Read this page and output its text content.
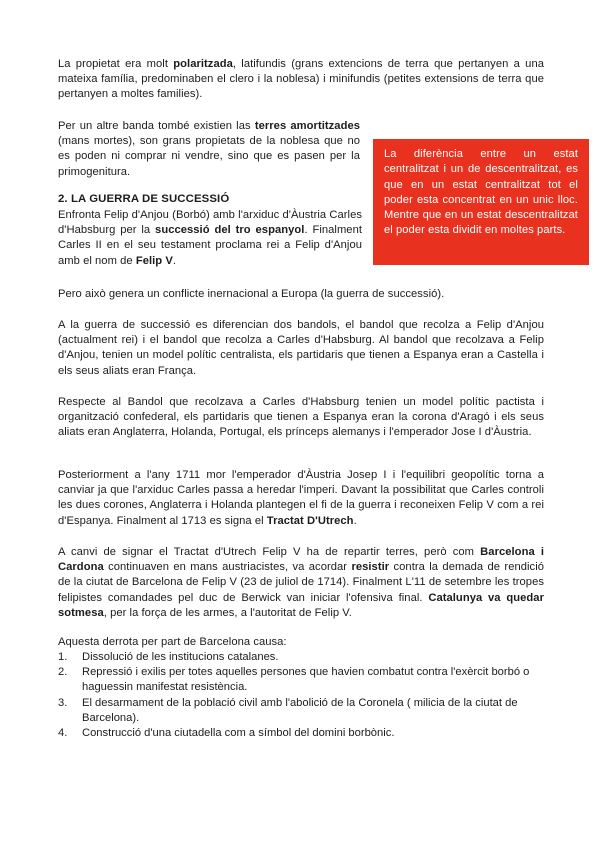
La propietat era molt polaritzada, latifundis (grans extencions de terra que pertanyen a una mateixa família, predominaben el clero i la noblesa) i minifundis (petites extensions de terra que pertanyen a moltes families).

Per un altre banda tombé existien las terres amortitzades (mans mortes), son grans propietats de la noblesa que no es poden ni comprar ni vendre, sino que es pasen per la primogenitura.

La diferència entre un estat centralitzat i un de descentralitzat, es que en un estat centralitzat tot el poder esta concentrat en un unic lloc. Mentre que en un estat descentralitzat el poder esta dividit en moltes parts.
2. LA GUERRA DE SUCCESSIÓ

Enfronta Felip d'Anjou (Borbó) amb l'arxiduc d'Àustria Carles d'Habsburg per la successió del tro espanyol. Finalment Carles II en el seu testament proclama rei a Felip d'Anjou amb el nom de Felip V.

Pero això genera un conflicte inernacional a Europa (la guerra de successió).

A la guerra de successió es diferencian dos bandols, el bandol que recolza a Felip d'Anjou (actualment rei) i el bandol que recolza a Carles d'Habsburg. Al bandol que recolzava a Felip d'Anjou, tenien un model polític centralista, els partidaris que tienen a Espanya eran a Castella i els seus aliats eran França.

Respecte al Bandol que recolzava a Carles d'Habsburg tenien un model polític pactista i organització confederal, els partidaris que tienen a Espanya eran la corona d'Aragó i els seus aliats eran Anglaterra, Holanda, Portugal, els prínceps alemanys i l'emperador Jose I d'Àustria.

Posteriorment a l'any 1711 mor l'emperador d'Àustria Josep I i l'equilibri geopolític torna a canviar ja que l'arxiduc Carles passa a heredar l'imperi. Davant la possibilitat que Carles controli les dues corones, Anglaterra i Holanda plantegen el fi de la guerra i reconeixen Felip V com a rei d'Espanya. Finalment al 1713 es signa el Tractat D'Utrech.

A canvi de signar el Tractat d'Utrech Felip V ha de repartir terres, però com Barcelona i Cardona continuaven en mans austriacistes, va acordar resistir contra la demada de rendició de la ciutat de Barcelona de Felip V (23 de juliol de 1714). Finalment L'11 de setembre les tropes felipistes comandades pel duc de Berwick van iniciar l'ofensiva final. Catalunya va quedar sotmesa, per la força de les armes, a l'autoritat de Felip V.

Aquesta derrota per part de Barcelona causa:

1. Dissolució de les institucions catalanes.
2. Repressió i exilis per totes aquelles persones que havien combatut contra l'exèrcit borbó o haguessin manifestat resistència.
3. El desarmament de la població civil amb l'abolició de la Coronela ( milicia de la ciutat de Barcelona).
4. Construcció d'una ciutadella com a símbol del domini borbònic.
